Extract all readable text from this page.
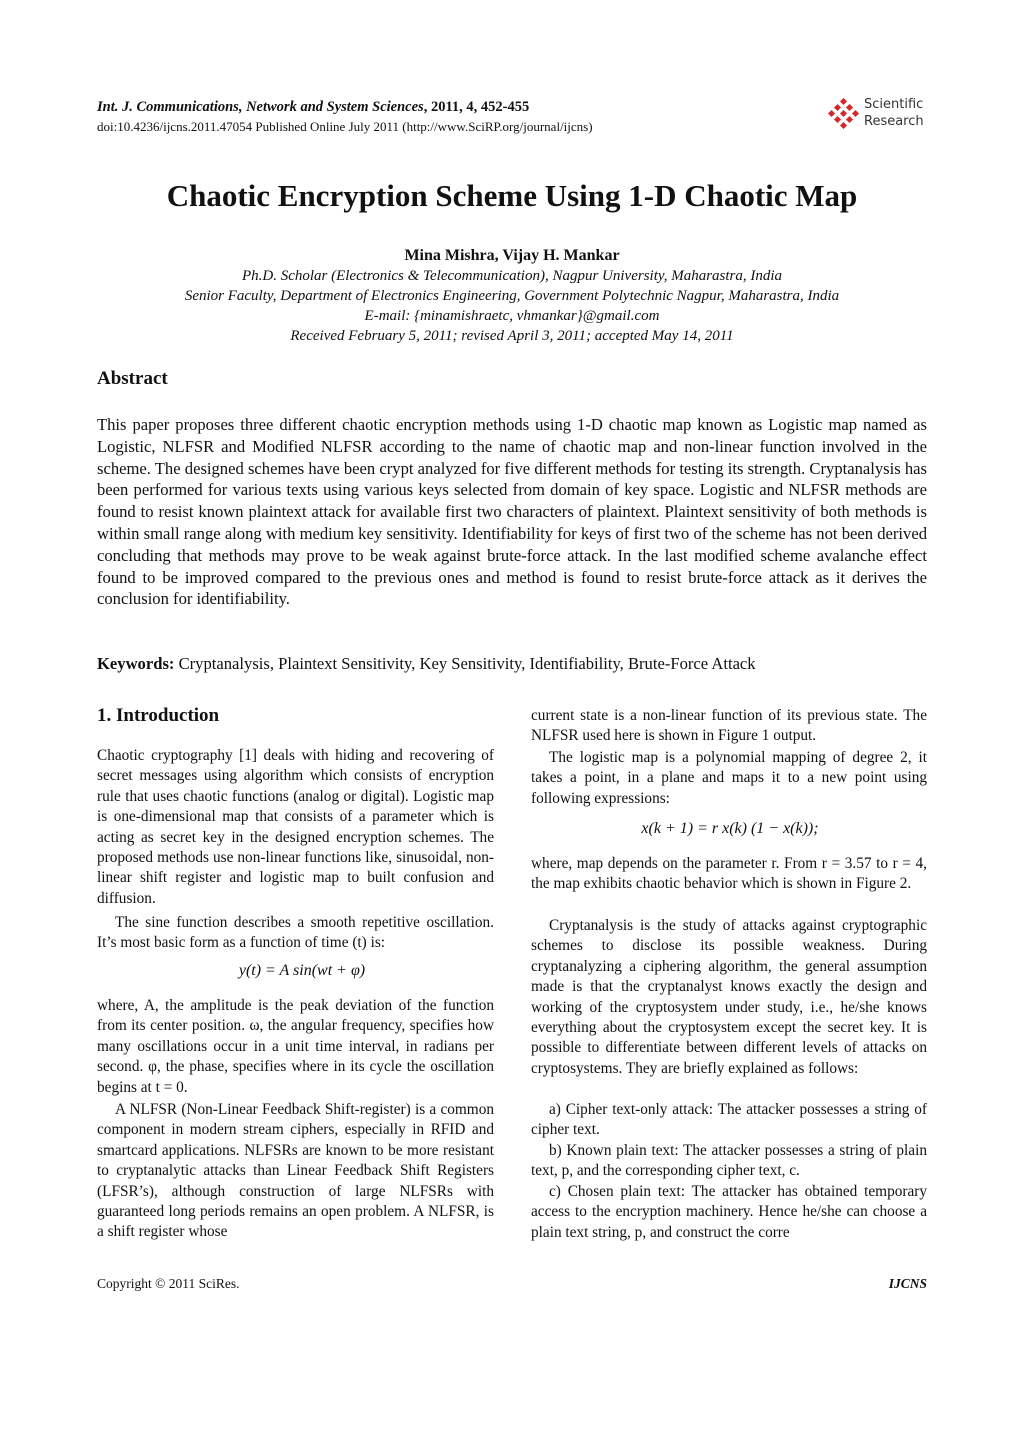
Int. J. Communications, Network and System Sciences, 2011, 4, 452-455
doi:10.4236/ijcns.2011.47054 Published Online July 2011 (http://www.SciRP.org/journal/ijcns)
Scientific
Research
Chaotic Encryption Scheme Using 1-D Chaotic Map
Mina Mishra, Vijay H. Mankar
Ph.D. Scholar (Electronics & Telecommunication), Nagpur University, Maharastra, India
Senior Faculty, Department of Electronics Engineering, Government Polytechnic Nagpur, Maharastra, India
E-mail: {minamishraetc, vhmankar}@gmail.com
Received February 5, 2011; revised April 3, 2011; accepted May 14, 2011
Abstract
This paper proposes three different chaotic encryption methods using 1-D chaotic map known as Logistic map named as Logistic, NLFSR and Modified NLFSR according to the name of chaotic map and non-linear function involved in the scheme. The designed schemes have been crypt analyzed for five different methods for testing its strength. Cryptanalysis has been performed for various texts using various keys selected from domain of key space. Logistic and NLFSR methods are found to resist known plaintext attack for available first two characters of plaintext. Plaintext sensitivity of both methods is within small range along with medium key sensitivity. Identifiability for keys of first two of the scheme has not been derived concluding that methods may prove to be weak against brute-force attack. In the last modified scheme avalanche effect found to be improved compared to the previous ones and method is found to resist brute-force attack as it derives the conclusion for identifiability.
Keywords: Cryptanalysis, Plaintext Sensitivity, Key Sensitivity, Identifiability, Brute-Force Attack
1. Introduction
Chaotic cryptography [1] deals with hiding and recovering of secret messages using algorithm which consists of encryption rule that uses chaotic functions (analog or digital). Logistic map is one-dimensional map that consists of a parameter which is acting as secret key in the designed encryption schemes. The proposed methods use non-linear functions like, sinusoidal, non-linear shift register and logistic map to built confusion and diffusion.
The sine function describes a smooth repetitive oscillation. It’s most basic form as a function of time (t) is:
y(t) = A sin(wt + φ)
where, A, the amplitude is the peak deviation of the function from its center position. ω, the angular frequency, specifies how many oscillations occur in a unit time interval, in radians per second. φ, the phase, specifies where in its cycle the oscillation begins at t = 0.
A NLFSR (Non-Linear Feedback Shift-register) is a common component in modern stream ciphers, especially in RFID and smartcard applications. NLFSRs are known to be more resistant to cryptanalytic attacks than Linear Feedback Shift Registers (LFSR’s), although construction of large NLFSRs with guaranteed long periods remains an open problem. A NLFSR, is a shift register whose
current state is a non-linear function of its previous state. The NLFSR used here is shown in Figure 1 output.
The logistic map is a polynomial mapping of degree 2, it takes a point, in a plane and maps it to a new point using following expressions:
x(k + 1) = r x(k) (1 − x(k));
where, map depends on the parameter r. From r = 3.57 to r = 4, the map exhibits chaotic behavior which is shown in Figure 2.
Cryptanalysis is the study of attacks against cryptographic schemes to disclose its possible weakness. During cryptanalyzing a ciphering algorithm, the general assumption made is that the cryptanalyst knows exactly the design and working of the cryptosystem under study, i.e., he/she knows everything about the cryptosystem except the secret key. It is possible to differentiate between different levels of attacks on cryptosystems. They are briefly explained as follows:
a) Cipher text-only attack: The attacker possesses a string of cipher text.
b) Known plain text: The attacker possesses a string of plain text, p, and the corresponding cipher text, c.
c) Chosen plain text: The attacker has obtained temporary access to the encryption machinery. Hence he/she can choose a plain text string, p, and construct the corre
Copyright © 2011 SciRes.	IJCNS
